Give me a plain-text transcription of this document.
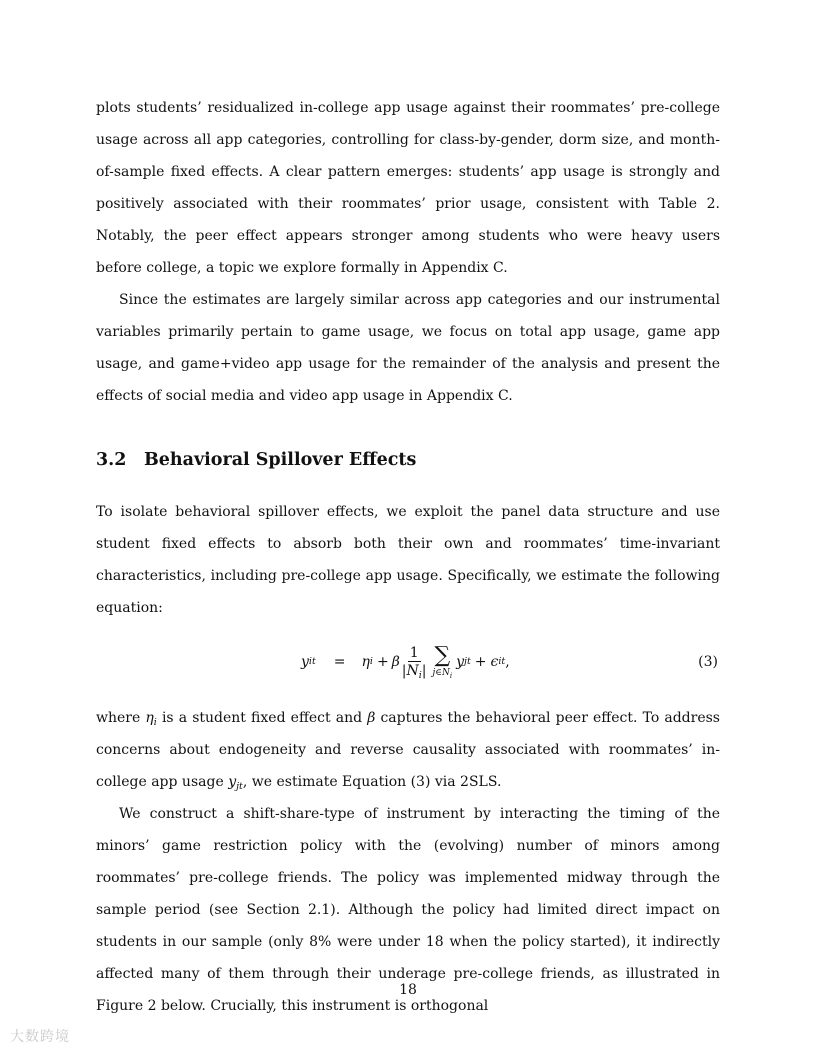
plots students’ residualized in-college app usage against their roommates’ pre-college usage across all app categories, controlling for class-by-gender, dorm size, and month-of-sample fixed effects. A clear pattern emerges: students’ app usage is strongly and positively associated with their roommates’ prior usage, consistent with Table 2. Notably, the peer effect appears stronger among students who were heavy users before college, a topic we explore formally in Appendix C.

Since the estimates are largely similar across app categories and our instrumental variables primarily pertain to game usage, we focus on total app usage, game app usage, and game+video app usage for the remainder of the analysis and present the effects of social media and video app usage in Appendix C.

3.2 Behavioral Spillover Effects

To isolate behavioral spillover effects, we exploit the panel data structure and use student fixed effects to absorb both their own and roommates’ time-invariant characteristics, including pre-college app usage. Specifically, we estimate the following equation:

y it = η i + β $\frac{1}{|N_i|}$ ∑
$j\in N_i$
y jt + ϵ it ,	(3)

where $\eta_i$ is a student fixed effect and β captures the behavioral peer effect. To address concerns about endogeneity and reverse causality associated with roommates’ in-college app usage $y_{jt}$, we estimate Equation (3) via 2SLS.

We construct a shift-share-type of instrument by interacting the timing of the minors’ game restriction policy with the (evolving) number of minors among roommates’ pre-college friends. The policy was implemented midway through the sample period (see Section 2.1). Although the policy had limited direct impact on students in our sample (only 8% were under 18 when the policy started), it indirectly affected many of them through their underage pre-college friends, as illustrated in Figure 2 below. Crucially, this instrument is orthogonal

18
大数跨境
